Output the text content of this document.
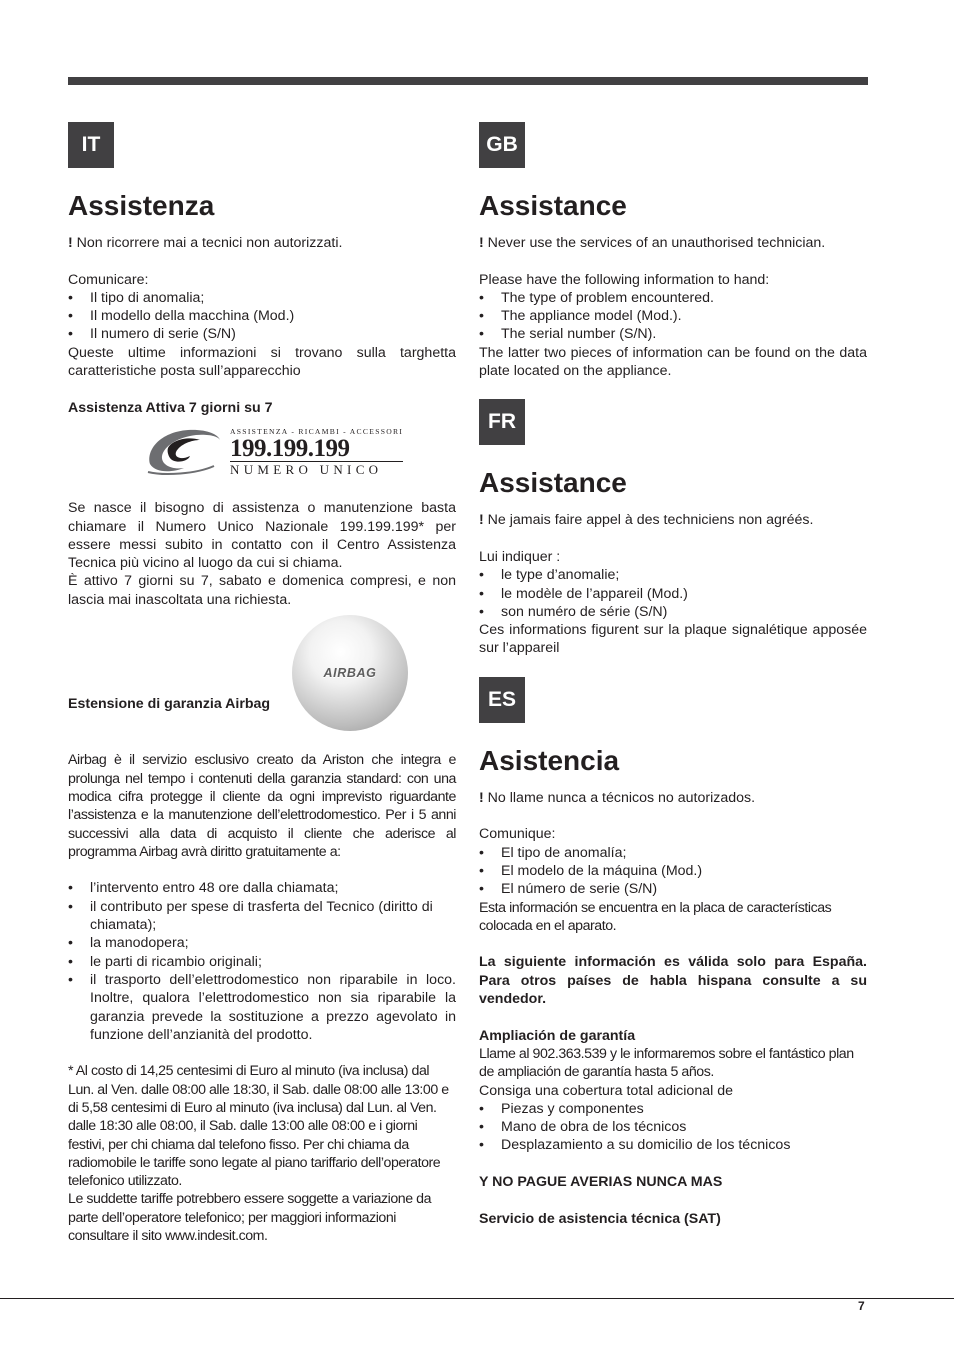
IT
Assistenza

! Non ricorrere mai a tecnici non autorizzati.

Comunicare:

• Il tipo di anomalia;
• Il modello della macchina (Mod.)
• Il numero di serie (S/N)

Queste ultime informazioni si trovano sulla targhetta caratteristiche posta sull’apparecchio

Assistenza Attiva 7 giorni su 7

ASSISTENZA - RICAMBI - ACCESSORI
199.199.199
NUMERO UNICO

Se nasce il bisogno di assistenza o manutenzione basta chiamare il Numero Unico Nazionale 199.199.199* per essere messi subito in contatto con il Centro Assistenza Tecnica più vicino al luogo da cui si chiama.

È attivo 7 giorni su 7, sabato e domenica compresi, e non lascia mai inascoltata una richiesta.

AIRBAG

Estensione di garanzia Airbag

Airbag è il servizio esclusivo creato da Ariston che integra e prolunga nel tempo i contenuti della garanzia standard: con una modica cifra protegge il cliente da ogni imprevisto riguardante l’assistenza e la manutenzione dell’elettrodomestico. Per i 5 anni successivi alla data di acquisto il cliente che aderisce al programma Airbag avrà diritto gratuitamente a:

• l’intervento entro 48 ore dalla chiamata;
• il contributo per spese di trasferta del Tecnico (diritto di chiamata);
• la manodopera;
• le parti di ricambio originali;
• il trasporto dell’elettrodomestico non riparabile in loco. Inoltre, qualora l’elettrodomestico non sia riparabile la garanzia prevede la sostituzione a prezzo agevolato in funzione dell’anzianità del prodotto.

* Al costo di 14,25 centesimi di Euro al minuto (iva inclusa) dal Lun. al Ven. dalle 08:00 alle 18:30, il Sab. dalle 08:00 alle 13:00 e di 5,58 centesimi di Euro al minuto (iva inclusa) dal Lun. al Ven. dalle 18:30 alle 08:00, il Sab. dalle 13:00 alle 08:00 e i giorni festivi, per chi chiama dal telefono fisso. Per chi chiama da radiomobile le tariffe sono legate al piano tariffario dell’operatore telefonico utilizzato.

Le suddette tariffe potrebbero essere soggette a variazione da parte dell’operatore telefonico; per maggiori informazioni consultare il sito www.indesit.com.

GB
Assistance

! Never use the services of an unauthorised technician.

Please have the following information to hand:

• The type of problem encountered.
• The appliance model (Mod.).
• The serial number (S/N).

The latter two pieces of information can be found on the data plate located on the appliance.

FR
Assistance

! Ne jamais faire appel à des techniciens non agréés.

Lui indiquer :

• le type d’anomalie;
• le modèle de l’appareil (Mod.)
• son numéro de série (S/N)

Ces informations figurent sur la plaque signalétique apposée sur l’appareil

ES
Asistencia

! No llame nunca a técnicos no autorizados.

Comunique:

• El tipo de anomalía;
• El modelo de la máquina (Mod.)
• El número de serie (S/N)

Esta información se encuentra en la placa de características colocada en el aparato.

La siguiente información es válida solo para España. Para otros países de habla hispana consulte a su vendedor.

Ampliación de garantía

Llame al 902.363.539 y le informaremos sobre el fantástico plan de ampliación de garantía hasta 5 años.

Consiga una cobertura total adicional de

• Piezas y componentes
• Mano de obra de los técnicos
• Desplazamiento a su domicilio de los técnicos

Y NO PAGUE AVERIAS NUNCA MAS

Servicio de asistencia técnica (SAT)

7
